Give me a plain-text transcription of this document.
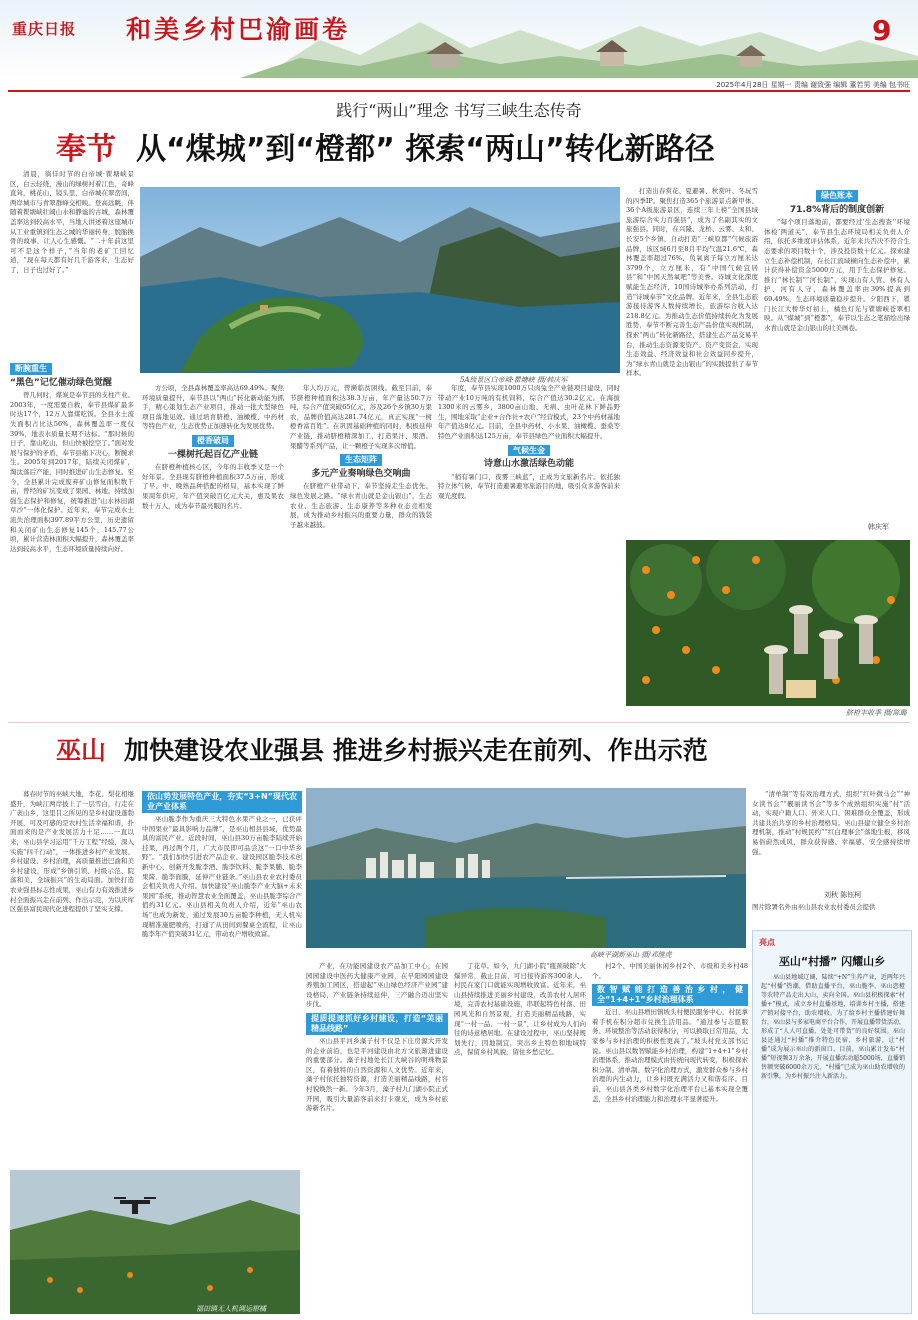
重庆日报 和美乡村巴渝画卷	9
2025年4月28日 星期一 责编 谢致强 编辑 董若男 美编 包书旺
践行“两山”理念 书写三峡生态传奇
奉节 从“煤城”到“橙都” 探索“两山”转化新路径

清晨，徜徉时节的白帝城·瞿塘峡景区，白云轻绕，漫山的绿树衬着江色，奇峰直耸，桃花山、镜头里，白帝城在翠峦间，两岸城市与青翠群峰交相映。登高远眺，伴随着瞿塘峡壮阔山水和静谧的古城，森林覆盖率达到较高水平，当地人讲述着这座城市从工业重镇到生态之城的华丽转身，脱胎换骨的故事，让人心生感慨。“二十年前这里可不是这个样子，”当年的老矿工回忆道，“现在每天都有好几千游客来，生态好了，日子也过好了。”

断腕重生
“黑色”记忆催动绿色觉醒

曾几何时，煤炭是奉节县的支柱产业。2003年，一度需要自救，奉节县煤矿最多时达17个，12万人靠煤吃饭。全县水土流失面积占比达56%，森林覆盖率一度仅39%，地表水质量长期不达标。“那时候的日子，靠山吃山，但山快被挖空了。”面对发展与保护的矛盾，奉节县痛下决心，断腕求生。2005年到2017年，陆续关闭煤矿，淘汰落后产能，同时推进矿山生态修复。至今，全县累计完成废弃矿山修复面积数千亩，曾经的矿坑变成了果园、林地。持续加强生态保护和修复，统筹推进“山水林田湖草沙”一体化保护。近年来，奉节完成水土流失治理面积397.89平方公里，历史遗留和关闭矿山生态修复145个、145.77公顷，累计营造林面积大幅提升，森林覆盖率达到较高水平，生态环境质量持续向好。

5A级景区白帝城·瞿塘峡 摄/韩庆军

方公顷，全县森林覆盖率高达69.49%。聚焦环境质量提升，奉节县以“两山”转化新动能为抓手，精心策划生态产业项目，推动一批大型绿色项目落地见效。通过培育脐橙、油橄榄、中药材等特色产业，生态优势正加速转化为发展优势。

橙香破局
一棵树托起百亿产业链

在脐橙种植核心区，今年的丰收季又是一个好年景。全县现有脐橙种植面积37.5万亩，形成了早、中、晚熟品种搭配的格局，基本实现了鲜果周年供应，年产值突破百亿元大关，惠及果农数十万人，成为奉节最亮眼的名片。

年人均万元，曾濒临贫困线。截至目前，奉节脐橙种植面积达38.3万亩，年产量达50.7万吨，综合产值突破65亿元，涉及26个乡镇30万果农，品牌价值高达281.74亿元，真正实现“一树橙香富百姓”。在巩固基础种植的同时，积极延伸产业链，推动脐橙精深加工，打造果汁、果酒、果醋等系列产品，让一颗橙子实现多次增值。

生态矩阵
多元产业奏响绿色交响曲

在脐橙产业带动下，奉节坚持走生态优先、绿色发展之路。“绿水青山就是金山银山”，生态农业、生态旅游、生态康养等多种业态竞相发展，成为推动乡村振兴的重要力量，群众的钱袋子越来越鼓。

年度，奉节县实现1000万只肉兔全产业链项目建设，同时带动产业10万吨的有机饲料，综合产值达30.2亿元。在海拔1300米的云雾乡，3800亩山地、无病、虫叶花林下鲜品野生，围地采取“企业+合作社+农户”经营模式，23个中药材基地年产值达8亿元。目前，全县中药材、小水果、油橄榄、蚕桑等特色产业面积达125万亩，奉节县绿色产业面积大幅提升。

气候生金
诗意山水激活绿色动能

“稍有暑门口，夜雾三峡蓝”，正成为文旅新名片。依托独特立体气候，奉节打造避暑避寒旅游目的地，吸引众多游客前来观光度假。

打造出春赏花、夏避暑、秋赏叶、冬玩雪的四季IP。聚焦打造365个旅游景点新甲体、36个A级旅游景区，连续三年上榜“全国县域旅游综合实力百强县”，成为了名副其实的文旅强县。同时，在兴隆、龙桥、云雾、太和、长安5个乡镇，自动打造“三峡原都”气候旅游品牌，该区域6月至8月平均气温21.6℃，森林覆盖率超过76%，负氧离子每立方厘米达3799个，立方厘米，有“中国气候宜居县”和“中国天然氧吧”等美誉。诗城文化深度赋能生态经济，10国诗城举办系列活动，打造“诗城奉节”文化品牌。近年来，全县生态旅游接待游客人数持续增长，旅游综合收入达218.8亿元。为推动生态价值持续转化为发展胜势，奉节不断完善生态产品价值实现机制，探索“两山”转化新路径，搭建生态产品交易平台，推动生态资源变资产、资产变资金，实现生态效益、经济效益和社会效益同步提升，为“绿水青山就是金山银山”的实践提供了奉节样本。

绿色账本
71.8%背后的制度创新

“每个项目落地前，都要经过‘生态搜查’‘环境体检’两道关”，奉节县生态环境局相关负责人介绍，依托多维度评估体系，近年来共否决不符合生态要求的项目数十个，涉及投资数十亿元。探索建立生态补偿机制，在长江流域横向生态补偿中，累计获得补偿资金5000万元，用于生态保护修复。推行“林长制”“河长制”，实现山有人管、林有人护、河有人守，森林覆盖率由39%提高到69.49%，生态环境质量稳步提升。夕阳西下，瞿门长江大桥华灯初上，橘色灯光与瞿塘峡苍翠相映。从“煤城”到“橙都”，奉节以生态之笔描绘出绿水青山就是金山银山的壮美画卷。

韩庆军
脐橙丰收季 摄/陈璐
巫山 加快建设农业强县 推进乡村振兴走在前列、作出示范

暮春时节的巫峡大地，李花、梨花相继盛开，为峡江两岸披上了一层雪白，行走在广袤山乡，这里目之所见的是乡村建设蓬勃开展，可及可感的是农村生活幸福和谐，扑面而来的是产业发展活力十足……一直以来，巫山县学习运用“千万工程”经验，深入实施“四千行动”，一体推进乡村产业发展、乡村建设、乡村治理，高质量推进巴渝和美乡村建设，形成“乡镇引领、村级示范、院落和美、全域振兴”的生动局面。加快打造农业强县标志性成果，巫山有力有效推进乡村全面振兴走在前列、作出示范，为以庆库区强县富民现代化进程提供了坚实支撑。

依山势发展特色产业，夯实“3+N”现代农业产业体系

巫山脆李作为重庆三大特色水果产业之一，已获评中国果业“最具影响力品牌”，是巫山相县县域，优势最具的富民产业。近段时间，巫山县30万亩脆李陆续开始挂果，再过两个月，广大市民即可品尝这“一口中华乡野”。“我们加快引进农产品企业、建设园区脆李技术创新中心，创新开发脆李酒、脆李饮料、脆李果脯、脆李果酱、脆李面膜，延伸产业链条。”巫山县农业农村委员会相关负责人介绍。加快建设“巫山脆李产业大脑+未来果园”系统，推动智慧农业全面覆盖，巫山县脆李综合产值约31亿元。巫山县相关负责人介绍，近年“巫山农场”也成为新发，通过发展30万亩脆李种植，无人机实现精准施肥喷药，打通了从田间到餐桌全流程，让巫山脆李年产值突破31亿元，带动农户增收致富。

高峡平湖新巫山 摄/邓继虎

产业，在功能园建设农产品加工中心，在园园园建设中医药大健康产业园，在早阳园园建设养殖加工园区，搭建起“巫山绿色经济产业园”建设格局，产业链条持续延伸，三产融合迈出坚实步伐。

提质提速抓好乡村建设，打造“美丽精品线路”

巫山县平河乡藻子村不仅是下庄房源大开发的企业前沿，也是平河建设由北方文旅渐进建设的重要部分。藻子村地处长江大峡谷的明珠物景区，有着独特的自然资源和人文优势。近年来，藻子村依托独特资源，打造美丽精品线路，村容村貌焕然一新。今年3月，藻子村九门湖小院正式开园，吸引大量游客前来打卡观光，成为乡村旅游新名片。

了花草。如今，九门湖小院“瓶颈破除”火爆异常，截止目前，可日接待游客300余人。村民在家门口就能实现增收致富。近年来，巫山县持续推进美丽乡村建设，改善农村人居环境，完善农村基础设施，串联起特色村落、田园风光和自然景观，打造美丽精品线路，实现“一村一品、一村一景”，让乡村成为人们向往的诗意栖居地。在建设过程中，巫山坚持规划先行，因地制宜，突出乡土特色和地域特点，保留乡村风貌，留住乡愁记忆。

村2个、中国美丽休闲乡村2个、市级和美乡村48个。

数智赋能打造善治乡村，健全“1+4+1”乡村治理体系

近日，巫山县增田镇坡头村便民服务中心，村民拿着手机在积分超市兑换生活用品。“通过参与志愿服务、环境整治等活动获得积分，可以换取日常用品，大家参与乡村治理的积极性更高了。”坡头村党支部书记说。巫山县以数智赋能乡村治理，构建“1+4+1”乡村治理体系，推动治理模式由传统向现代转变，积极探索积分制、清单制、数字化治理方式，激发群众参与乡村治理的内生动力，让乡村既充满活力又和谐有序。目前，巫山县各类乡村数字化治理平台已基本实现全覆盖，全县乡村治理能力和治理水平显著提升。

“清单制”等有效治理方式，组织“红叶微马会”“神女读书会”“靓丽读书会”等多个成熟组织实施“村”活动，实现户籍人口、外来人口、困难群众全覆盖，形成共建共治共享的乡村治理格局。巫山县建立健全乡村治理机制，推动“村规民约”“红白理事会”落地生根，移风易俗蔚然成风，群众获得感、幸福感、安全感持续增强。

刘秋 陈钰柯
图片除署名外由巫山县农业农村委员会提供
亮点
巫山“村播” 闪耀山乡

巫山县地域辽阔，陆续“+N”生养产业，近两年兴起“村播”热潮，借助直播平台，巫山脆李、巫山恋橙等农特产品走出大山，卖向全国。巫山县积极探索“村播+”模式，成立乡村直播基地，培训乡村主播，搭建产销对接平台，助农增收。为了给乡村主播搭建好舞台，巫山县与多家电商平台合作，开展直播带货活动，形成了“人人可直播、处处可带货”的良好氛围。巫山县还通过“村播”推介特色民宿、乡村旅游，让“村播”成为展示巫山的新窗口。目前，巫山累计发布“村播”短视频3万余条，开展直播活动超5000场，直播销售额突破6000余万元，“村播”已成为巫山助农增收的新引擎，为乡村振兴注入新活力。

福田镇无人机调运柑橘
